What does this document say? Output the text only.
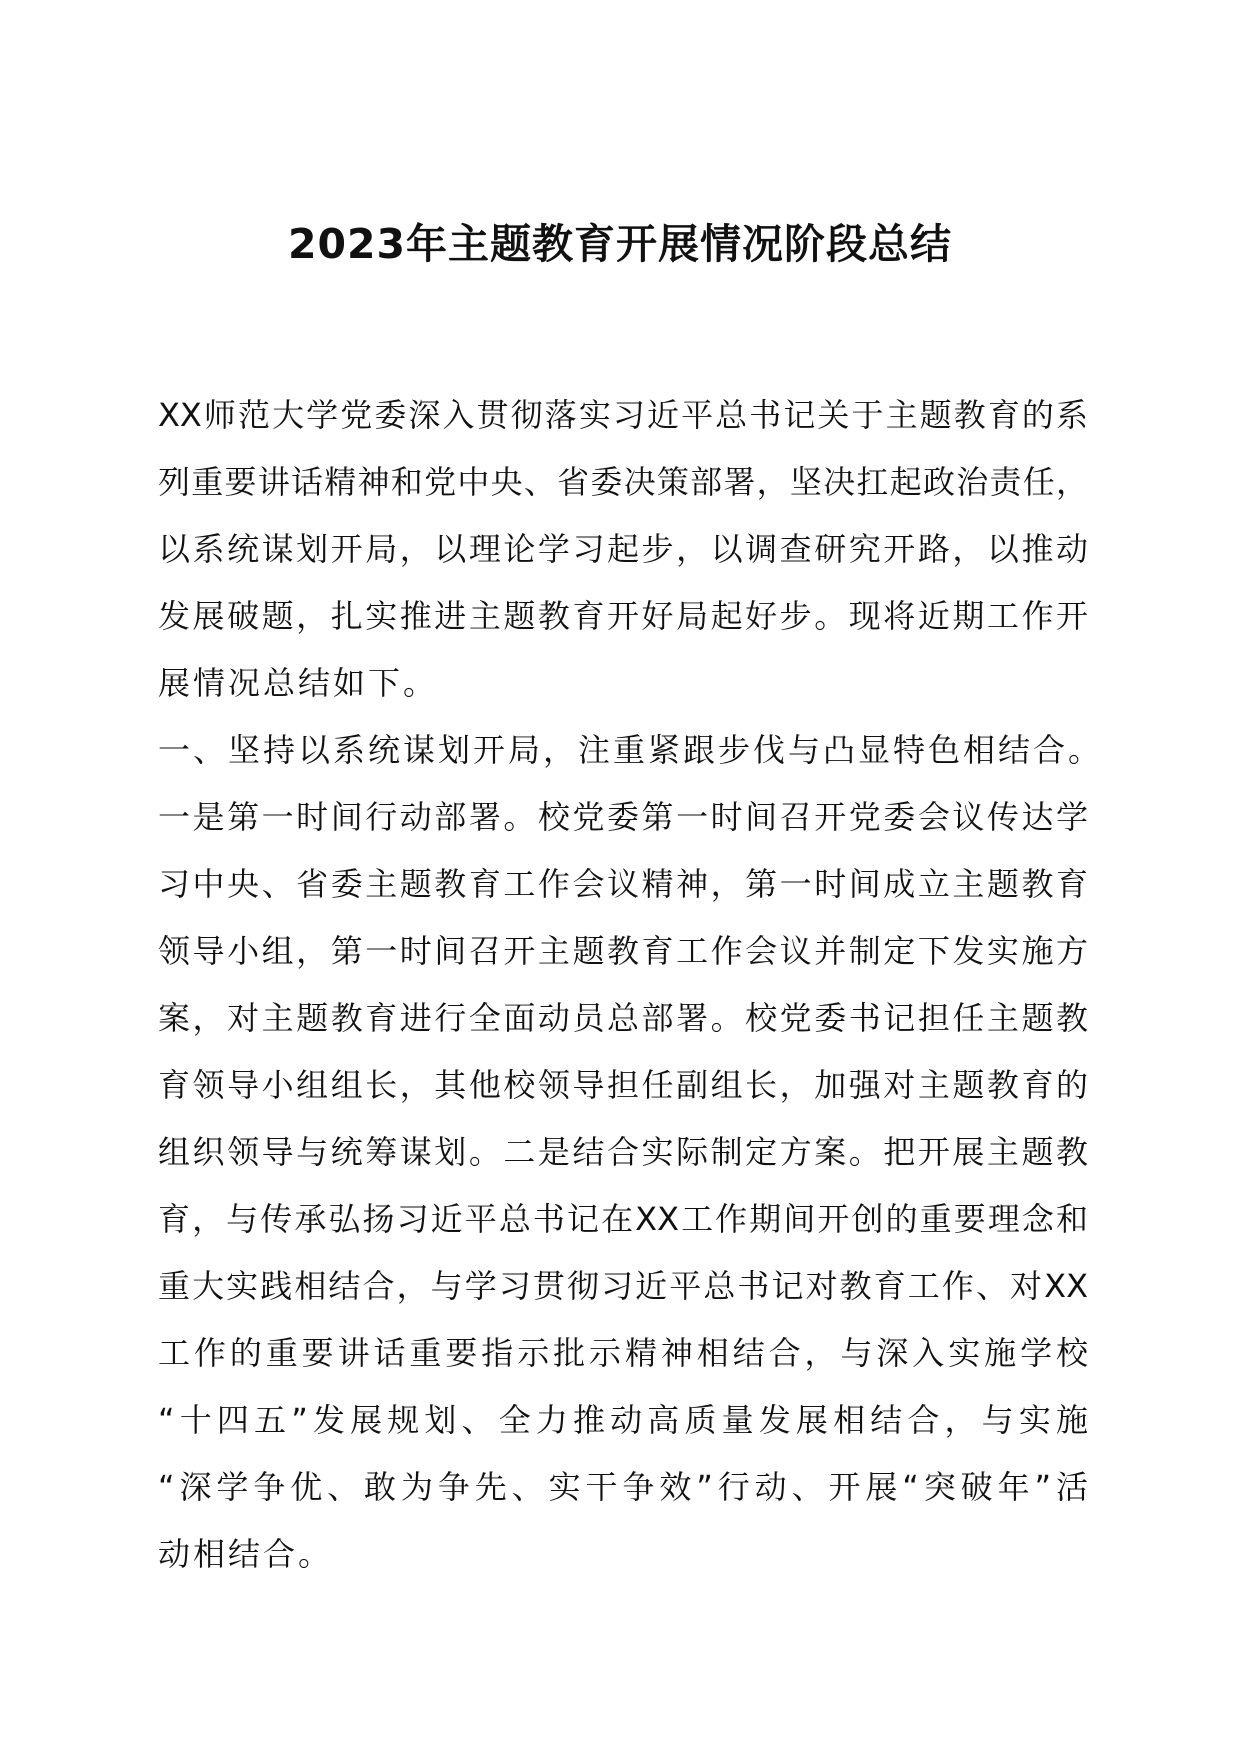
2023年主题教育开展情况阶段总结
XX师范大学党委深入贯彻落实习近平总书记关于主题教育的系
列重要讲话精神和党中央、省委决策部署，坚决扛起政治责任，
以系统谋划开局，以理论学习起步，以调查研究开路，以推动
发展破题，扎实推进主题教育开好局起好步。现将近期工作开
展情况总结如下。
一、坚持以系统谋划开局，注重紧跟步伐与凸显特色相结合。
一是第一时间行动部署。校党委第一时间召开党委会议传达学
习中央、省委主题教育工作会议精神，第一时间成立主题教育
领导小组，第一时间召开主题教育工作会议并制定下发实施方
案，对主题教育进行全面动员总部署。校党委书记担任主题教
育领导小组组长，其他校领导担任副组长，加强对主题教育的
组织领导与统筹谋划。二是结合实际制定方案。把开展主题教
育，与传承弘扬习近平总书记在XX工作期间开创的重要理念和
重大实践相结合，与学习贯彻习近平总书记对教育工作、对XX
工作的重要讲话重要指示批示精神相结合，与深入实施学校
“十四五”发展规划、全力推动高质量发展相结合，与实施
“深学争优、敢为争先、实干争效”行动、开展“突破年”活
动相结合。
